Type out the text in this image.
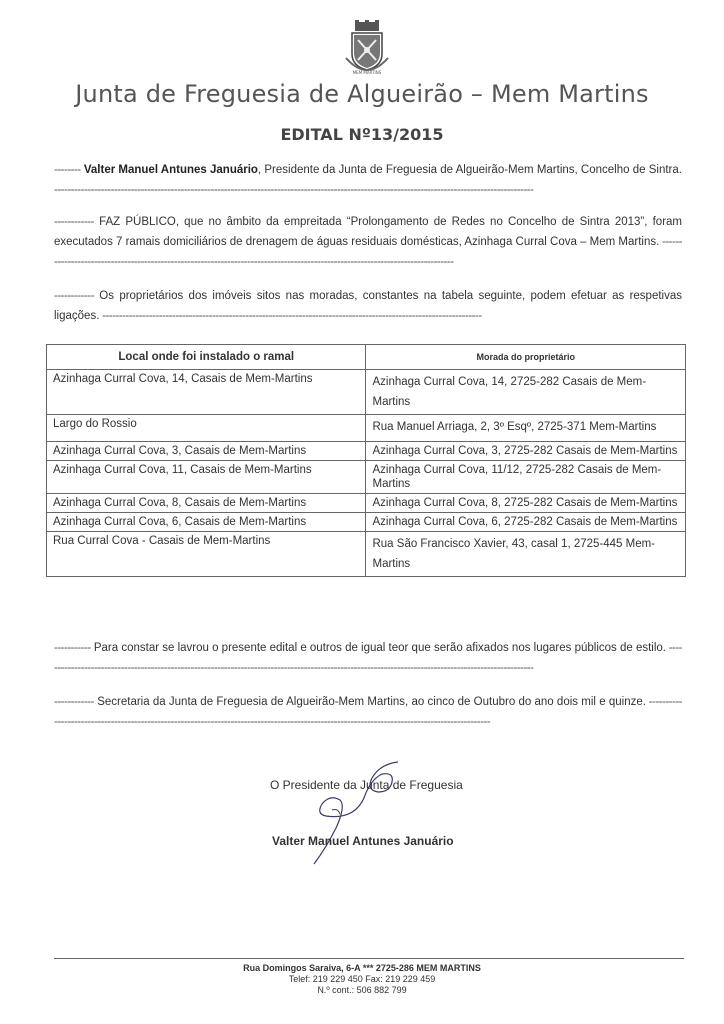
MEM MARTINS
Junta de Freguesia de Algueirão – Mem Martins
EDITAL Nº13/2015
-------- Valter Manuel Antunes Januário, Presidente da Junta de Freguesia de Algueirão-Mem Martins, Concelho de Sintra. ------------------------------------------------------------------------------------------------------------------------------------------------
------------ FAZ PÚBLICO, que no âmbito da empreitada “Prolongamento de Redes no Concelho de Sintra 2013”, foram executados 7 ramais domiciliários de drenagem de águas residuais domésticas, Azinhaga Curral Cova – Mem Martins. ------------------------------------------------------------------------------------------------------------------------------
------------ Os proprietários dos imóveis sitos nas moradas, constantes na tabela seguinte, podem efetuar as respetivas ligações. ------------------------------------------------------------------------------------------------------------------
Local onde foi instalado o ramal	Morada do proprietário
Azinhaga Curral Cova, 14, Casais de Mem-Martins	Azinhaga Curral Cova, 14, 2725-282 Casais de Mem-Martins
Largo do Rossio	Rua Manuel Arriaga, 2, 3º Esqº, 2725-371 Mem-Martins
Azinhaga Curral Cova, 3, Casais de Mem-Martins	Azinhaga Curral Cova, 3, 2725-282 Casais de Mem-Martins
Azinhaga Curral Cova, 11, Casais de Mem-Martins	Azinhaga Curral Cova, 11/12, 2725-282 Casais de Mem-Martins
Azinhaga Curral Cova, 8, Casais de Mem-Martins	Azinhaga Curral Cova, 8, 2725-282 Casais de Mem-Martins
Azinhaga Curral Cova, 6, Casais de Mem-Martins	Azinhaga Curral Cova, 6, 2725-282 Casais de Mem-Martins
Rua Curral Cova - Casais de Mem-Martins	Rua São Francisco Xavier, 43, casal 1, 2725-445 Mem-Martins
----------- Para constar se lavrou o presente edital e outros de igual teor que serão afixados nos lugares públicos de estilo. ----------------------------------------------------------------------------------------------------------------------------------------------------
------------ Secretaria da Junta de Freguesia de Algueirão-Mem Martins, ao cinco de Outubro do ano dois mil e quinze. ---------------------------------------------------------------------------------------------------------------------------------------------
O Presidente da Junta de Freguesia
Valter Manuel Antunes Januário
Rua Domingos Saraiva, 6-A *** 2725-286 MEM MARTINS
Telef: 219 229 450 Fax: 219 229 459
N.º cont.: 506 882 799
